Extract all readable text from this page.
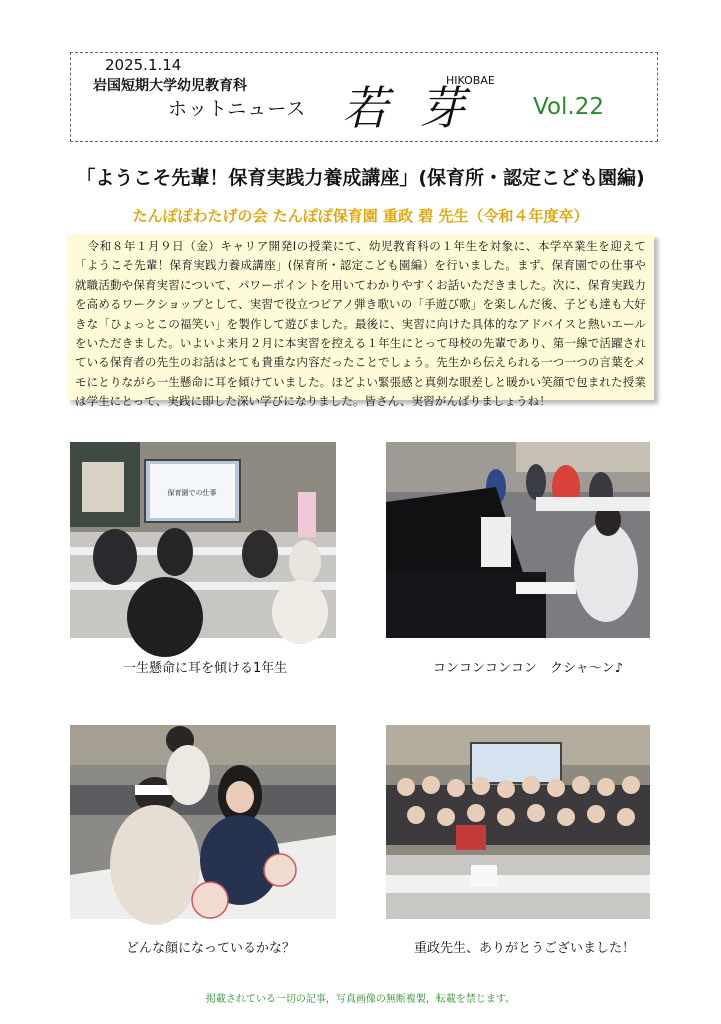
2025.1.14
岩国短期大学幼児教育科
ホットニュース 若 芽
HIKOBAE
Vol.22
「ようこそ先輩！保育実践力養成講座」(保育所・認定こども園編)
たんぽぽわたげの会 たんぽぽ保育園 重政 碧 先生（令和４年度卒）
令和８年１月９日（金）キャリア開発Ⅰの授業にて、幼児教育科の１年生を対象に、本学卒業生を迎えて「ようこそ先輩！保育実践力養成講座」(保育所・認定こども園編）を行いました。まず、保育園での仕事や就職活動や保育実習について、パワーポイントを用いてわかりやすくお話いただきました。次に、保育実践力を高めるワークショップとして、実習で役立つピアノ弾き歌いの「手遊び歌」を楽しんだ後、子ども達も大好きな「ひょっとこの福笑い」を製作して遊びました。最後に、実習に向けた具体的なアドバイスと熱いエールをいただきました。いよいよ来月２月に本実習を控える１年生にとって母校の先輩であり、第一線で活躍されている保育者の先生のお話はとても貴重な内容だったことでしょう。先生から伝えられる一つ一つの言葉をメモにとりながら一生懸命に耳を傾けていました。ほどよい緊張感と真剣な眼差しと暖かい笑顔で包まれた授業は学生にとって、実践に即した深い学びになりました。皆さん、実習がんばりましょうね！
保育園での仕事
一生懸命に耳を傾ける1年生	コンコンコンコン　クシャ～ン♪
どんな顔になっているかな？	重政先生、ありがとうございました！
掲載されている一切の記事，写真画像の無断複製，転載を禁じます。
